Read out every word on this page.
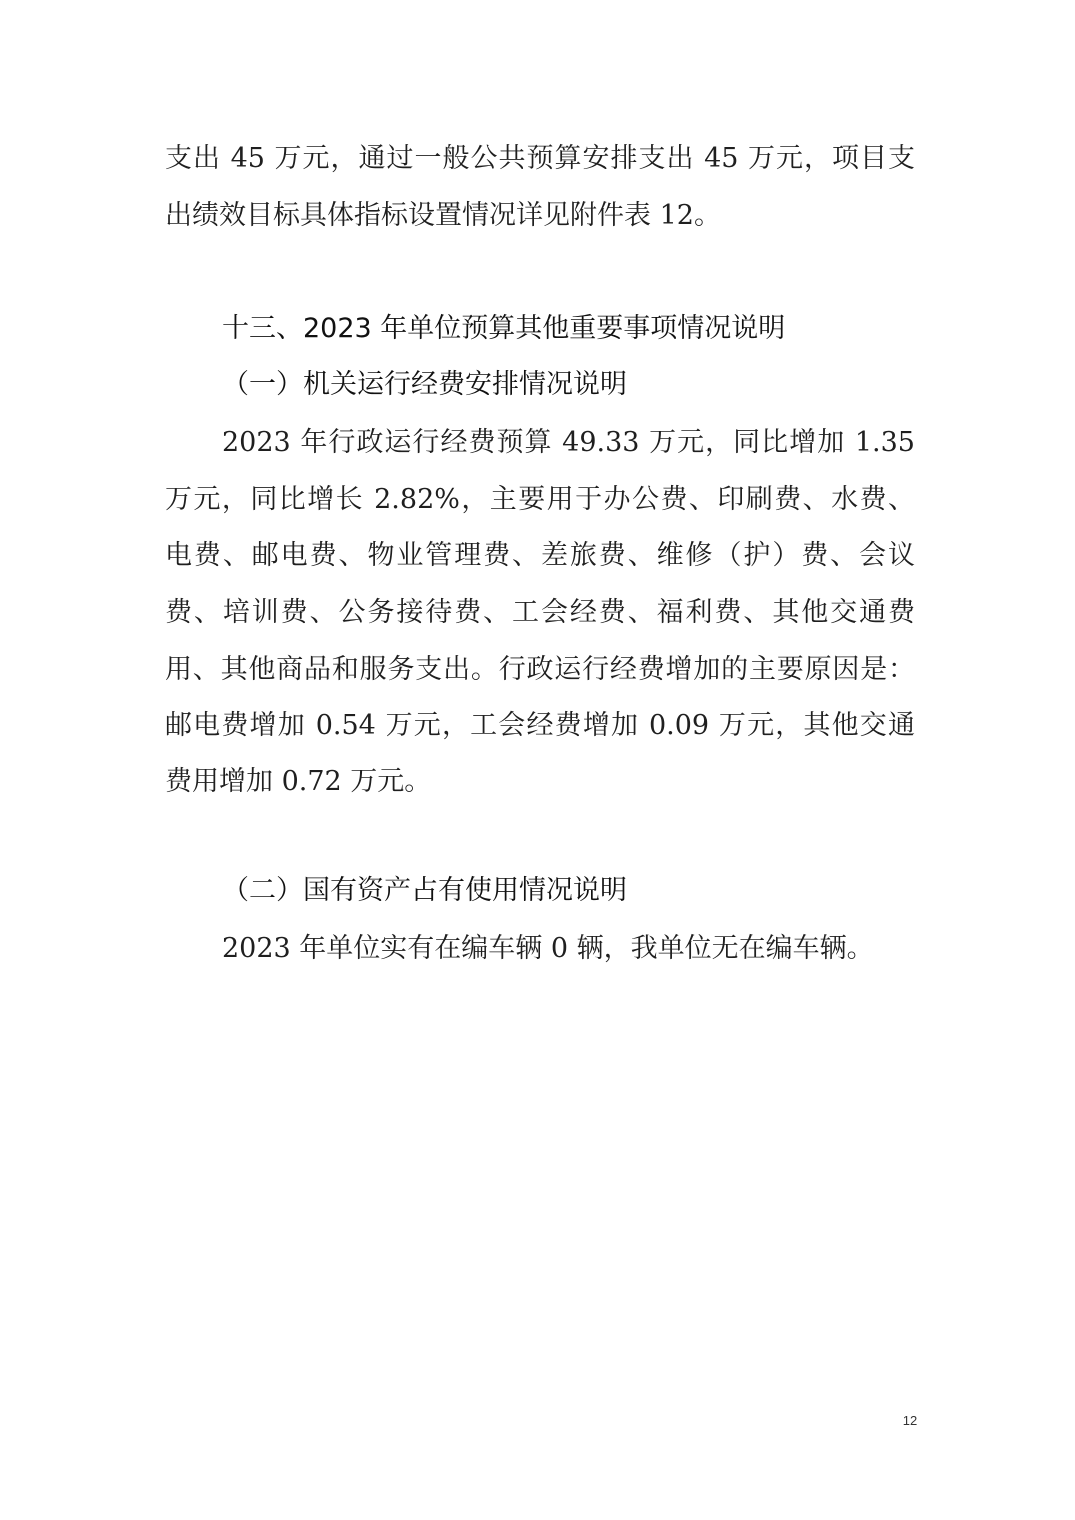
支出 45 万元，通过一般公共预算安排支出 45 万元，项目支
出绩效目标具体指标设置情况详见附件表 12。
十三、2023 年单位预算其他重要事项情况说明
（一）机关运行经费安排情况说明
2023 年行政运行经费预算 49.33 万元，同比增加 1.35
万元，同比增长 2.82%，主要用于办公费、印刷费、水费、
电费、邮电费、物业管理费、差旅费、维修（护）费、会议
费、培训费、公务接待费、工会经费、福利费、其他交通费
用、其他商品和服务支出。行政运行经费增加的主要原因是：
邮电费增加 0.54 万元，工会经费增加 0.09 万元，其他交通
费用增加 0.72 万元。
（二）国有资产占有使用情况说明
2023 年单位实有在编车辆 0 辆，我单位无在编车辆。
12
